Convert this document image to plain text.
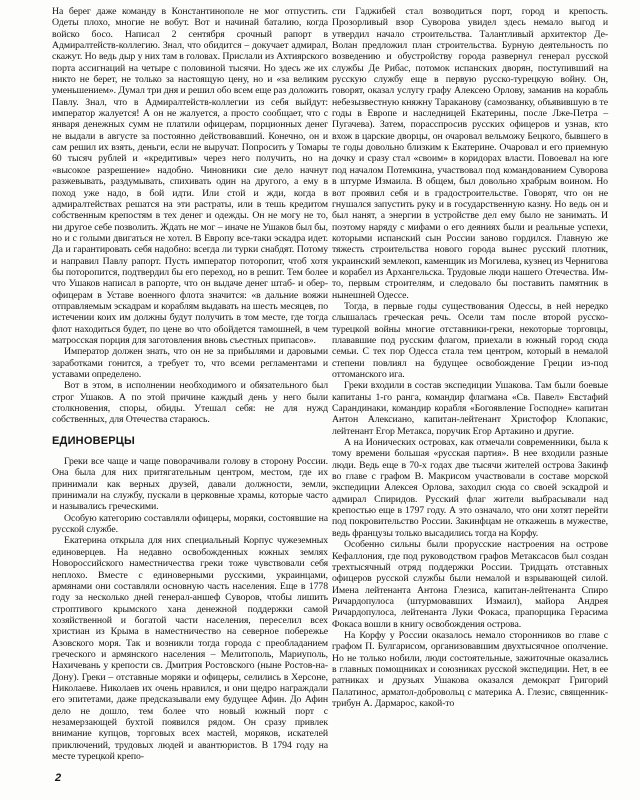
На берег даже команду в Константинополе не мог отпустить. Одеты плохо, многие не вобут. Вот и начинай баталию, когда войско босо. Написал 2 сентября срочный рапорт в Адмиралтейств-коллегию. Знал, что обидится – докучает адмирал, скажут. Но ведь дыр у них там в головах. Прислали из Ахтиярского порта ассигнаций на четыре с половиной тысячи. Но здесь же их никто не берет, не только за настоящую цену, но и «за великим уменьшением». Думал три дня и решил обо всем еще раз доложить Павлу. Знал, что в Адмиралтейств-коллегии из себя выйдут: император жалуется! А он не жалуется, а просто сообщает, что с января денежных сумм не платили офицерам, порционных денег не выдали в августе за постоянно действовавший. Конечно, он и сам решил их взять, деньги, если не выручат. Попросить у Томары 60 тысяч рублей и «кредитивы» через него получить, но на «высокое разрешение» надобно. Чиновники сие дело начнут разжевывать, раздумывать, спихивать один на другого, а ему в поход уже надо, в бой идти. Или стой и жди, когда в адмиралтействах решатся на эти растраты, или в тешь кредитом собственным крепостям в тех денег и одежды. Он не могу не то, ни другое себе позволить. Ждать не мог – иначе не Ушаков был бы, но и с голыми двигаться не хотел. В Европу все-таки эскадра идет. Да и гарантировать себя надобно: всегда ли турки снабдят. Потому и направил Павлу рапорт. Пусть император поторопит, чтоб хотя бы поторопится, подтвердил бы его переход, но в решит. Тем более что Ушаков написал в рапорте, что он выдаче денег штаб- и обер-офицерам в Уставе военного флота значится: «в дальние вояжи отправляемым эскадрам и кораблям выдавать на шесть месяцев, по истечении коих им должны будут получить в том месте, где тогда флот находиться будет, по цене во что обойдется тамошней, в чем матросская порция для заготовления вновь съестных припасов».

Император должен знать, что он не за прибылями и даровыми заработками гонится, а требует то, что всеми регламентами и уставами определено.

Вот в этом, в исполнении необходимого и обязательного был строг Ушаков. А по этой причине каждый день у него были столкновения, споры, обиды. Утешал себя: не для нужд собственных, для Отечества стараюсь.

ЕДИНОВЕРЦЫ

Греки все чаще и чаще поворачивали голову в сторону России. Она была для них притягательным центром, местом, где их принимали как верных друзей, давали должности, земли, принимали на службу, пускали в церковные храмы, которые часто и назывались греческими.

Особую категорию составляли офицеры, моряки, состоявшие на русской службе.

Екатерина открыла для них специальный Корпус чужеземных единоверцев. На недавно освобожденных южных землях Новороссийского наместничества греки тоже чувствовали себя неплохо. Вместе с единоверными русскими, украинцами, армянами они составляли основную часть населения. Еще в 1778 году за несколько дней генерал-аншеф Суворов, чтобы лишить строптивого крымского хана денежной поддержки самой хозяйственной и богатой части населения, переселил всех христиан из Крыма в наместничество на северное побережье Азовского моря. Так и возникли тогда города с преобладанием греческого и армянского населения – Мелитополь, Мариуполь, Нахичевань у крепости св. Дмитрия Ростовского (ныне Ростов-на-Дону). Греки – отставные моряки и офицеры, селились в Херсоне, Николаеве. Николаев их очень нравился, и они щедро награждали его эпитетами, даже предсказывали ему будущее Афин. До Афин дело не дошло, тем более что новый южный порт с незамерзающей бухтой появился рядом. Он сразу привлек внимание купцов, торговых всех мастей, моряков, искателей приключений, трудовых людей и авантюристов. В 1794 году на месте турецкой крепо-

сти Гаджибей стал возводиться порт, город и крепость. Прозорливый взор Суворова увидел здесь немало выгод и утвердил начало строительства. Талантливый архитектор Де-Волан предложил план строительства. Бурную деятельность по возведению и обустройству города развернул генерал русской службы Де Рибас, потомок испанских дворян, поступивший на русскую службу еще в первую русско-турецкую войну. Он, говорят, оказал услугу графу Алексею Орлову, заманив на корабль небезызвестную княжну Тараканову (самозванку, объявившую в те годы в Европе и наследницей Екатерины, после Лже-Петра – Пугачева). Затем, порасспросив русских офицеров и узнав, кто вхож в царские дворцы, он очаровал вельможу Бецкого, бывшего в те годы довольно близким к Екатерине. Очаровал и его приемную дочку и сразу стал «своим» в коридорах власти. Повоевал на юге под началом Потемкина, участвовал под командованием Суворова в штурме Измаила. В общем, был довольно храбрым воином. Но вот проявил себя и в градостроительстве. Говорят, что он не гнушался запустить руку и в государственную казну. Но ведь он и был нанят, а энергии в устройстве дел ему было не занимать. И поэтому наряду с мифами о его деяниях были и реальные успехи, которыми испанский сын России заново гордился. Главную же тяжесть строительства нового города вынес русский плотник, украинский землекоп, каменщик из Могилева, кузнец из Чернигова и корабел из Архангельска. Трудовые люди нашего Отечества. Им-то, первым строителям, и следовало бы поставить памятник в нынешней Одессе.

Тогда, в первые годы существования Одессы, в ней нередко слышалась греческая речь. Осели там после второй русско-турецкой войны многие отставники-греки, некоторые торговцы, плававшие под русским флагом, приехали в южный город сюда семьи. С тех пор Одесса стала тем центром, который в немалой степени повлиял на будущее освобождение Греции из-под оттоманского ига.

Греки входили в состав экспедиции Ушакова. Там были боевые капитаны 1-го ранга, командир флагмана «Св. Павел» Евстафий Сарандинаки, командир корабля «Богоявление Господне» капитан Антон Алексиано, капитан-лейтенант Христофор Клопакис, лейтенант Егор Метакса, поручик Егор Артакино и другие.

А на Ионических островах, как отмечали современники, была к тому времени большая «русская партия». В нее входили разные люди. Ведь еще в 70-х годах две тысячи жителей острова Закинф во главе с графом В. Макрисом участвовали в составе морской экспедиции Алексея Орлова, заходил сюда со своей эскадрой и адмирал Спиридов. Русский флаг жители выбрасывали над крепостью еще в 1797 году. А это означало, что они хотят перейти под покровительство России. Закинфцам не откажешь в мужестве, ведь французы только высадились тогда на Корфу.

Особенно сильны были прорусские настроения на острове Кефаллония, где под руководством графов Метаксасов был создан трехтысячный отряд поддержки России. Тридцать отставных офицеров русской службы были немалой и взрывающей силой. Имена лейтенанта Антона Глезиса, капитан-лейтенанта Спиро Ричардопулоса (штурмовавших Измаил), майора Андрея Ричардопулоса, лейтенанта Луки Фокаса, прапорщика Герасима Фокаса вошли в книгу освобождения острова.

На Корфу у России оказалось немало сторонников во главе с графом П. Булгарисом, организовавшим двухтысячное ополчение. Но не только нобили, люди состоятельные, зажиточные оказались в главных помощниках и союзниках русской экспедиции. Нет, в ее ратниках и друзьях Ушакова оказался демократ Григорий Палатинос, арматол-добровольц с материка А. Глезис, священник-трибун А. Дармарос, какой-то

2
